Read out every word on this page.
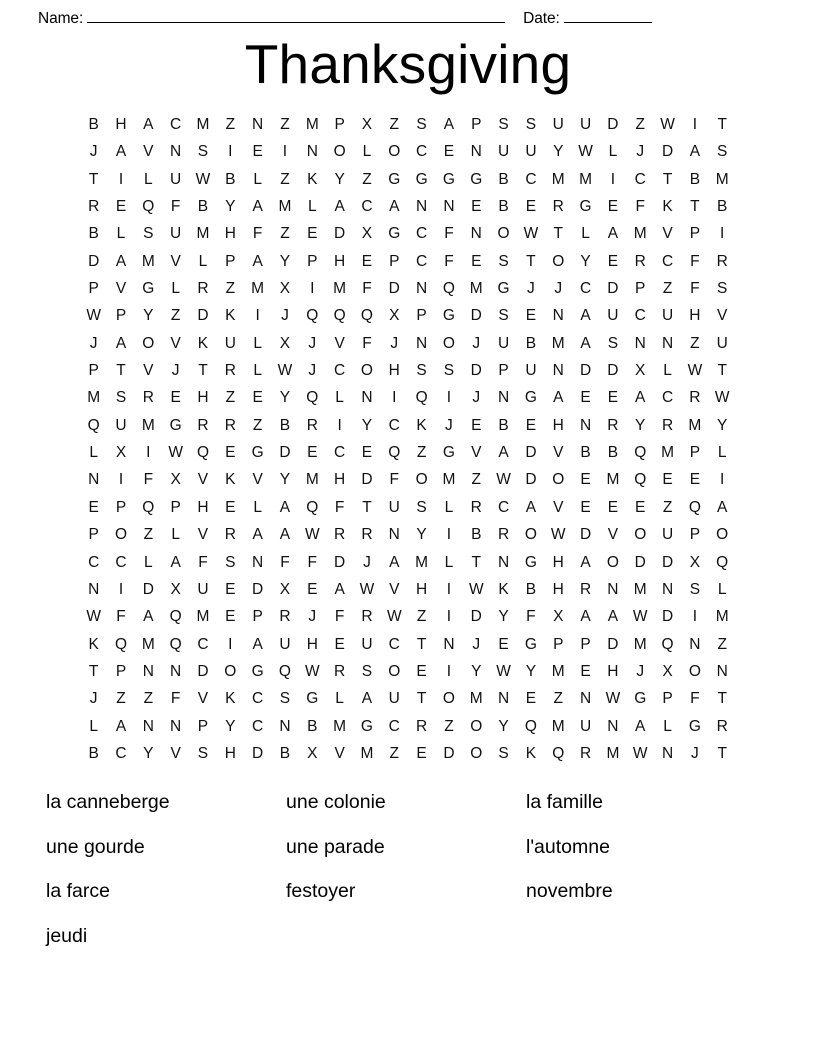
Name:	Date:
Thanksgiving
B	H	A	C M	Z	N	Z	M	P	X	Z	S	A	P	S	S	U	U	D	Z W	I	T
J	A	V	N	S	I	E	I	N	O	L	O	C	E	N	U	U	Y W	L	J	D	A	S
T	I	L	U W B	L	Z	K	Y	Z	G G G G	B	C M M	I	C	T	B	M
R	E	Q	F	B	Y	A	M	L	A	C	A	N	N	E	B	E	R	G	E	F	K	T	B
B	L	S	U M H	F	Z	E	D	X	G	C	F	N	O W T	L	A	M	V	P	I
D	A	M	V	L	P	A	Y	P	H	E	P	C	F	E	S	T	O	Y	E	R	C	F	R
P	V	G	L	R	Z	M	X	I	M	F	D	N	Q M G	J	J	C	D	P	Z	F	S
W P	Y	Z	D	K	I	J	Q Q Q	X	P	G	D	S	E	N	A	U	C	U	H	V
J	A	O	V	K	U	L	X	J	V	F	J	N	O	J	U	B	M	A	S	N	N	Z	U
P	T	V	J	T	R	L	W	J	C	O	H	S	S	D	P	U	N	D	D	X	L	W T
M	S	R	E	H	Z	E	Y	Q	L	N	I	Q	I	J	N	G	A	E	E	A	C	R W
Q	U M G	R	R	Z	B	R	I	Y	C	K	J	E	B	E	H	N	R	Y	R M	Y
L	X	I	W Q	E	G	D	E	C	E	Q	Z	G	V	A	D	V	B	B	Q M	P	L
N	I	F	X	V	K	V	Y	M H	D	F	O M	Z W D	O	E	M Q	E	E	I
E	P	Q	P	H	E	L	A	Q	F	T	U	S	L	R	C	A	V	E	E	E	Z	Q	A
P	O	Z	L	V	R	A	A W R	R	N	Y	I	B	R	O W D	V	O	U	P	O
C	C	L	A	F	S	N	F	F	D	J	A	M	L	T	N	G	H	A	O	D	D	X	Q
N	I	D	X	U	E	D	X	E	A W V	H	I	W K	B	H	R	N M N	S	L
W F	A	Q M	E	P	R	J	F	R W Z	I	D	Y	F	X	A	A W D	I	M
K	Q M Q	C	I	A	U	H	E	U	C	T	N	J	E	G	P	P	D M Q	N	Z
T	P	N	N	D	O G Q W R	S	O	E	I	Y W Y	M	E	H	J	X	O	N
J	Z	Z	F	V	K	C	S	G	L	A	U	T	O M N	E	Z	N W G	P	F	T
L	A	N	N	P	Y	C	N	B	M G	C	R	Z	O	Y	Q M U	N	A	L	G	R
B	C	Y	V	S	H	D	B	X	V	M	Z	E	D	O	S	K	Q	R M W N	J	T
la canneberge	une colonie	la famille
une gourde	une parade	l'automne
la farce	festoyer	novembre
jeudi
